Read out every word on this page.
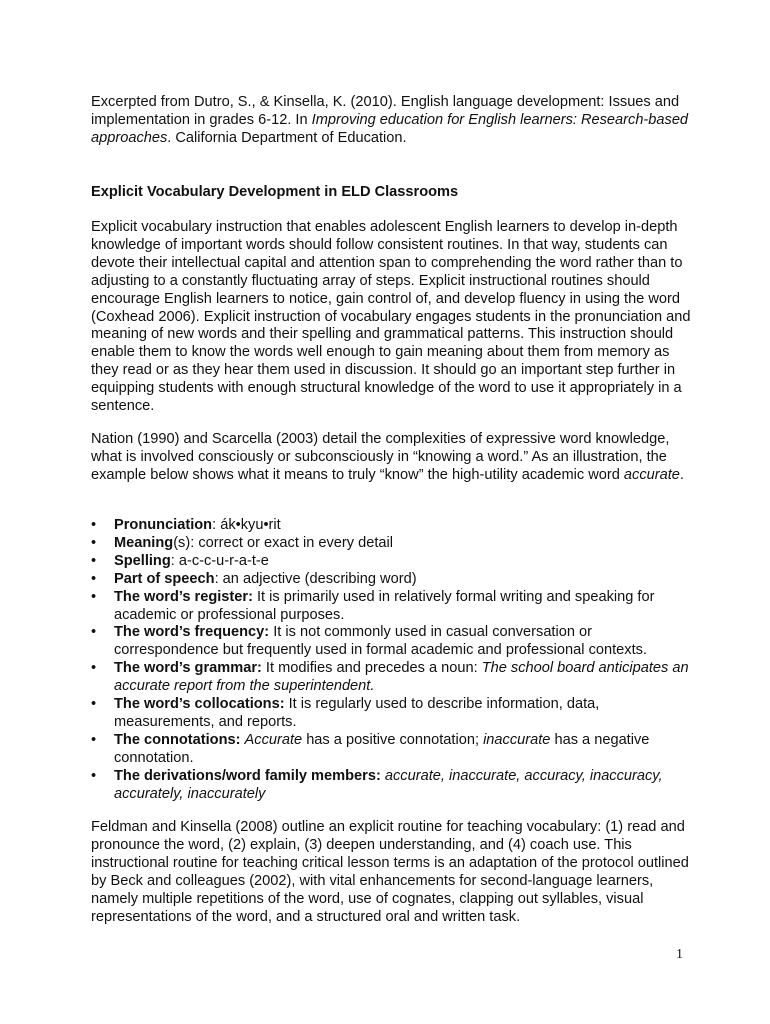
Excerpted from Dutro, S., & Kinsella, K. (2010). English language development: Issues and implementation in grades 6-12. In Improving education for English learners: Research-based approaches. California Department of Education.

Explicit Vocabulary Development in ELD Classrooms

Explicit vocabulary instruction that enables adolescent English learners to develop in-depth knowledge of important words should follow consistent routines. In that way, students can devote their intellectual capital and attention span to comprehending the word rather than to adjusting to a constantly fluctuating array of steps. Explicit instructional routines should encourage English learners to notice, gain control of, and develop fluency in using the word (Coxhead 2006). Explicit instruction of vocabulary engages students in the pronunciation and meaning of new words and their spelling and grammatical patterns. This instruction should enable them to know the words well enough to gain meaning about them from memory as they read or as they hear them used in discussion. It should go an important step further in equipping students with enough structural knowledge of the word to use it appropriately in a sentence.

Nation (1990) and Scarcella (2003) detail the complexities of expressive word knowledge, what is involved consciously or subconsciously in “knowing a word.” As an illustration, the example below shows what it means to truly “know” the high-utility academic word accurate.

• Pronunciation: ák•kyu•rit
• Meaning(s): correct or exact in every detail
• Spelling: a-c-c-u-r-a-t-e
• Part of speech: an adjective (describing word)
• The word’s register: It is primarily used in relatively formal writing and speaking for academic or professional purposes.
• The word’s frequency: It is not commonly used in casual conversation or correspondence but frequently used in formal academic and professional contexts.
• The word’s grammar: It modifies and precedes a noun: The school board anticipates an accurate report from the superintendent.
• The word’s collocations: It is regularly used to describe information, data, measurements, and reports.
• The connotations: Accurate has a positive connotation; inaccurate has a negative connotation.
• The derivations/word family members: accurate, inaccurate, accuracy, inaccuracy, accurately, inaccurately

Feldman and Kinsella (2008) outline an explicit routine for teaching vocabulary: (1) read and pronounce the word, (2) explain, (3) deepen understanding, and (4) coach use. This instructional routine for teaching critical lesson terms is an adaptation of the protocol outlined by Beck and colleagues (2002), with vital enhancements for second-language learners, namely multiple repetitions of the word, use of cognates, clapping out syllables, visual representations of the word, and a structured oral and written task.

1
